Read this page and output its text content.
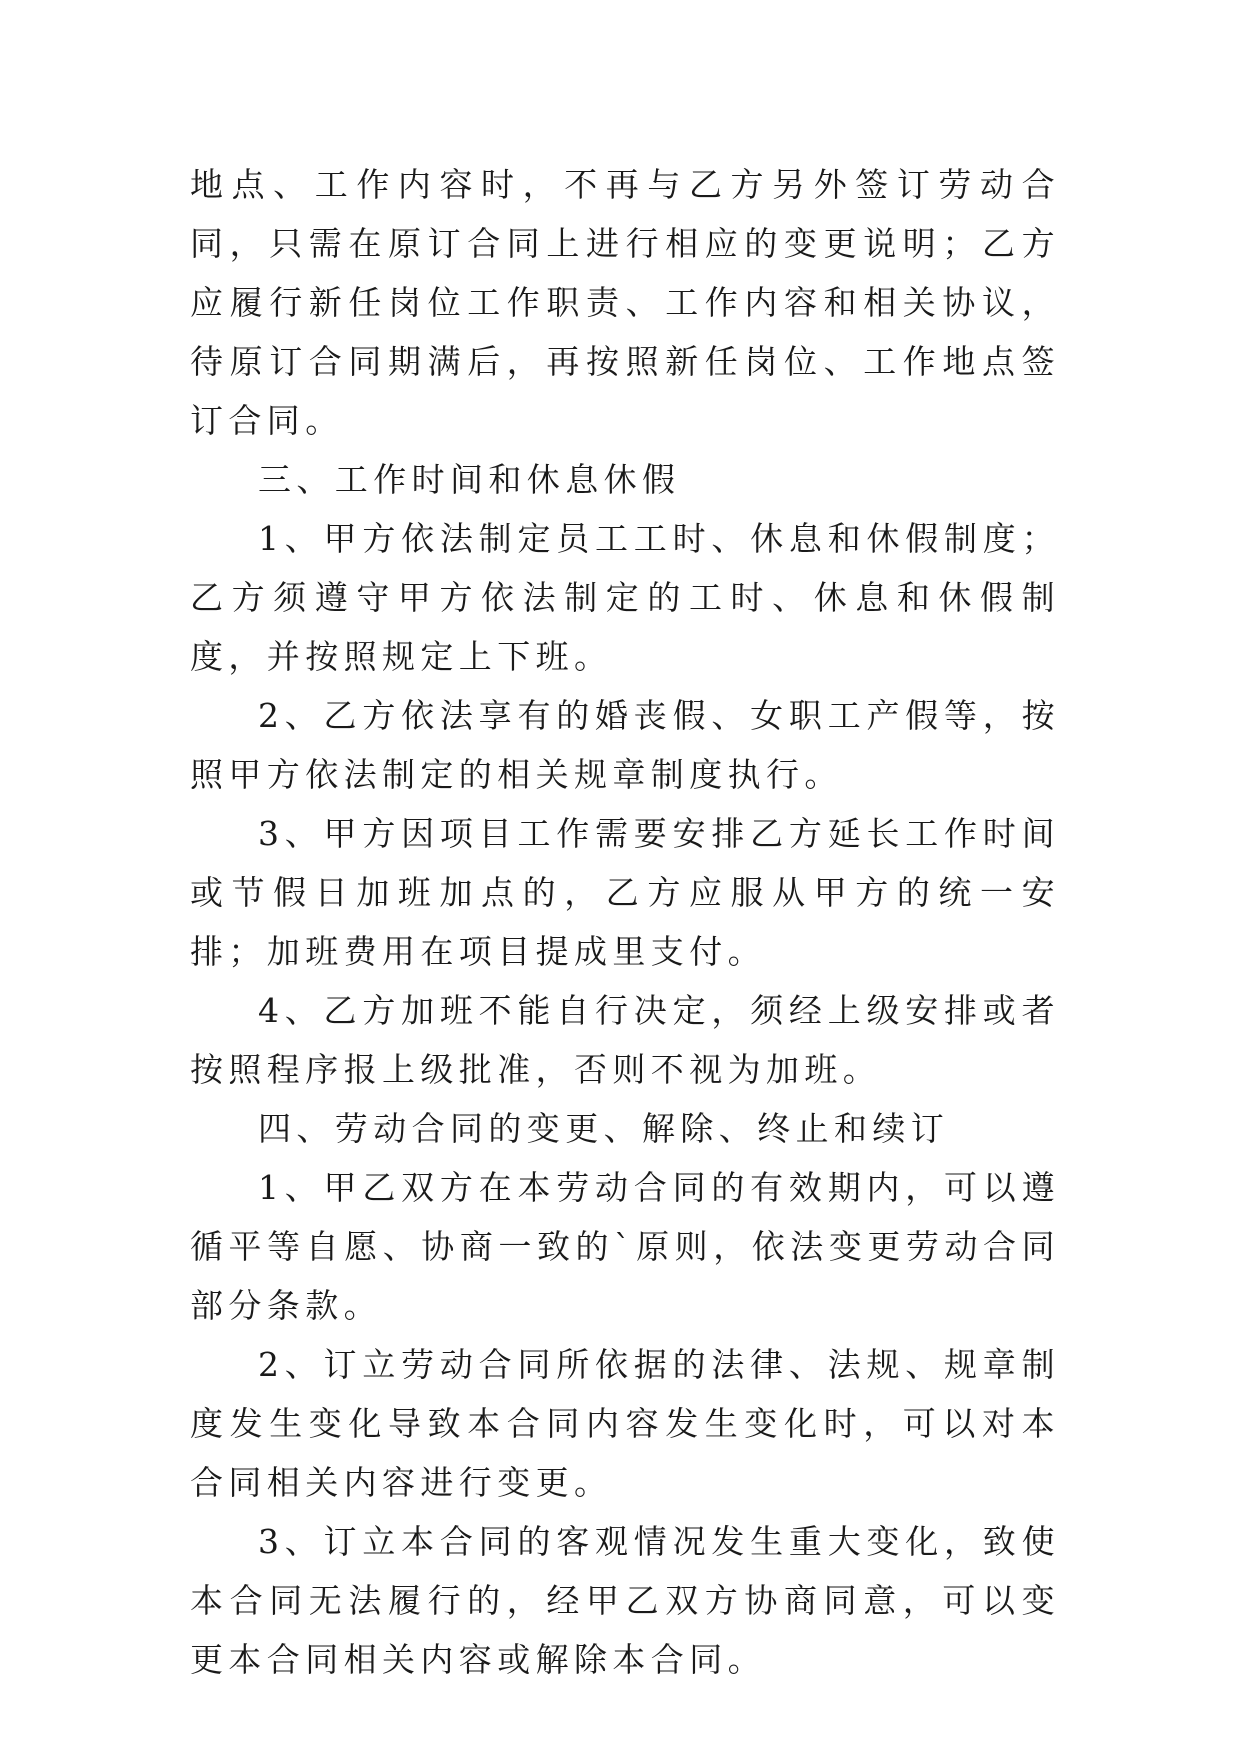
地点、工作内容时，不再与乙方另外签订劳动合同，只需在原订合同上进行相应的变更说明；乙方应履行新任岗位工作职责、工作内容和相关协议，待原订合同期满后，再按照新任岗位、工作地点签订合同。

三、工作时间和休息休假

1、甲方依法制定员工工时、休息和休假制度；乙方须遵守甲方依法制定的工时、休息和休假制度，并按照规定上下班。

2、乙方依法享有的婚丧假、女职工产假等，按照甲方依法制定的相关规章制度执行。

3、甲方因项目工作需要安排乙方延长工作时间或节假日加班加点的，乙方应服从甲方的统一安排；加班费用在项目提成里支付。

4、乙方加班不能自行决定，须经上级安排或者按照程序报上级批准，否则不视为加班。

四、劳动合同的变更、解除、终止和续订

1、甲乙双方在本劳动合同的有效期内，可以遵循平等自愿、协商一致的`原则，依法变更劳动合同部分条款。

2、订立劳动合同所依据的法律、法规、规章制度发生变化导致本合同内容发生变化时，可以对本合同相关内容进行变更。

3、订立本合同的客观情况发生重大变化，致使本合同无法履行的，经甲乙双方协商同意，可以变更本合同相关内容或解除本合同。
